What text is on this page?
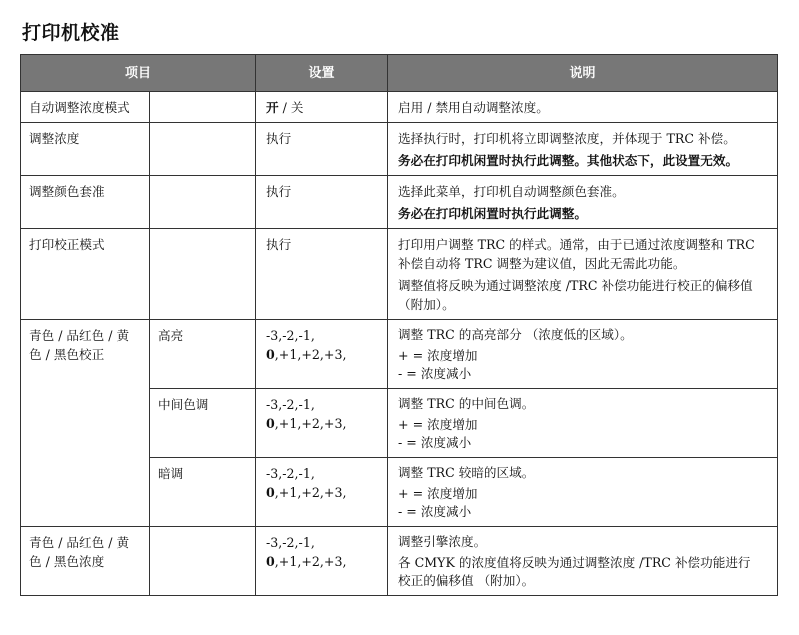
打印机校准
项目		设置	说明
自动调整浓度模式		开 / 关	启用 / 禁用自动调整浓度。
调整浓度		执行	选择执行时，打印机将立即调整浓度，并体现于 TRC 补偿。
务必在打印机闲置时执行此调整。其他状态下，此设置无效。

调整颜色套准		执行	选择此菜单，打印机自动调整颜色套准。
务必在打印机闲置时执行此调整。

打印校正模式		执行	打印用户调整 TRC 的样式。通常，由于已通过浓度调整和 TRC
补偿自动将 TRC 调整为建议值，因此无需此功能。
调整值将反映为通过调整浓度 /TRC 补偿功能进行校正的偏移值
（附加）。

青色 / 品红色 / 黄
色 / 黑色校正	高亮	-3,-2,-1, 0,+1,+2,+3,	调整 TRC 的高亮部分 （浓度低的区域）。
+ = 浓度增加
- = 浓度减小

	中间色调	-3,-2,-1, 0,+1,+2,+3,	调整 TRC 的中间色调。
+ = 浓度增加
- = 浓度减小

	暗调	-3,-2,-1, 0,+1,+2,+3,	调整 TRC 较暗的区域。
+ = 浓度增加
- = 浓度减小

青色 / 品红色 / 黄
色 / 黑色浓度		-3,-2,-1, 0,+1,+2,+3,	调整引擎浓度。
各 CMYK 的浓度值将反映为通过调整浓度 /TRC 补偿功能进行
校正的偏移值 （附加）。
